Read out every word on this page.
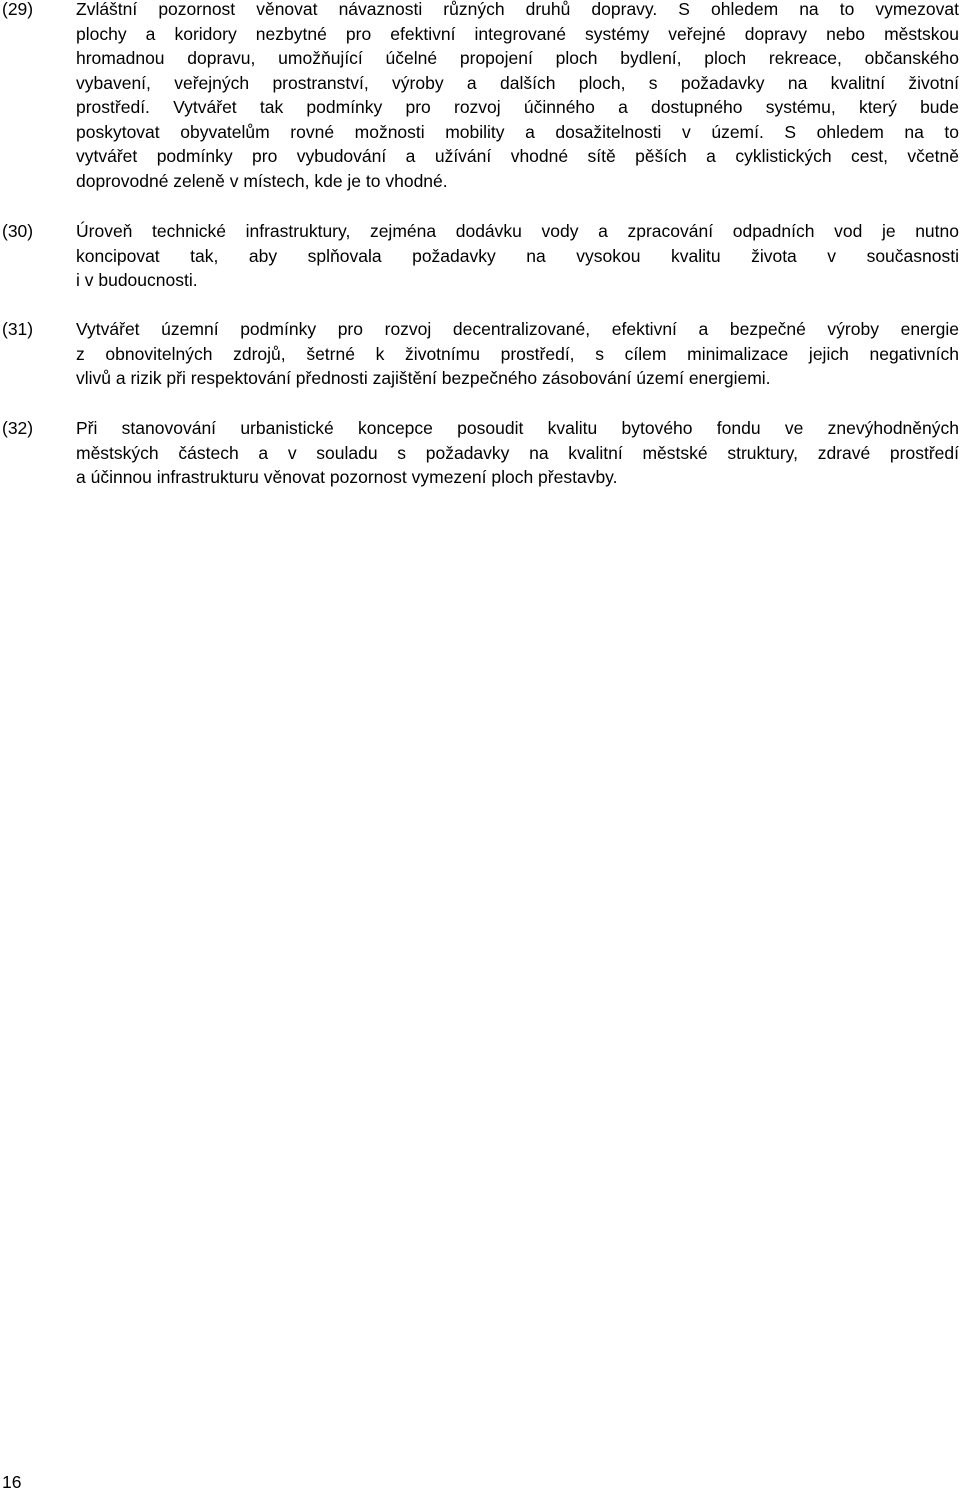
(29) Zvláštní pozornost věnovat návaznosti různých druhů dopravy. S ohledem na to vymezovat
plochy a koridory nezbytné pro efektivní integrované systémy veřejné dopravy nebo městskou
hromadnou dopravu, umožňující účelné propojení ploch bydlení, ploch rekreace, občanského
vybavení, veřejných prostranství, výroby a dalších ploch, s požadavky na kvalitní životní
prostředí. Vytvářet tak podmínky pro rozvoj účinného a dostupného systému, který bude
poskytovat obyvatelům rovné možnosti mobility a dosažitelnosti v území. S ohledem na to
vytvářet podmínky pro vybudování a užívání vhodné sítě pěších a cyklistických cest, včetně
doprovodné zeleně v místech, kde je to vhodné.
(30) Úroveň technické infrastruktury, zejména dodávku vody a zpracování odpadních vod je nutno
koncipovat tak, aby splňovala požadavky na vysokou kvalitu života v současnosti
i v budoucnosti.
(31) Vytvářet územní podmínky pro rozvoj decentralizované, efektivní a bezpečné výroby energie
z obnovitelných zdrojů, šetrné k životnímu prostředí, s cílem minimalizace jejich negativních
vlivů a rizik při respektování přednosti zajištění bezpečného zásobování území energiemi.
(32) Při stanovování urbanistické koncepce posoudit kvalitu bytového fondu ve znevýhodněných
městských částech a v souladu s požadavky na kvalitní městské struktury, zdravé prostředí
a účinnou infrastrukturu věnovat pozornost vymezení ploch přestavby.
16
